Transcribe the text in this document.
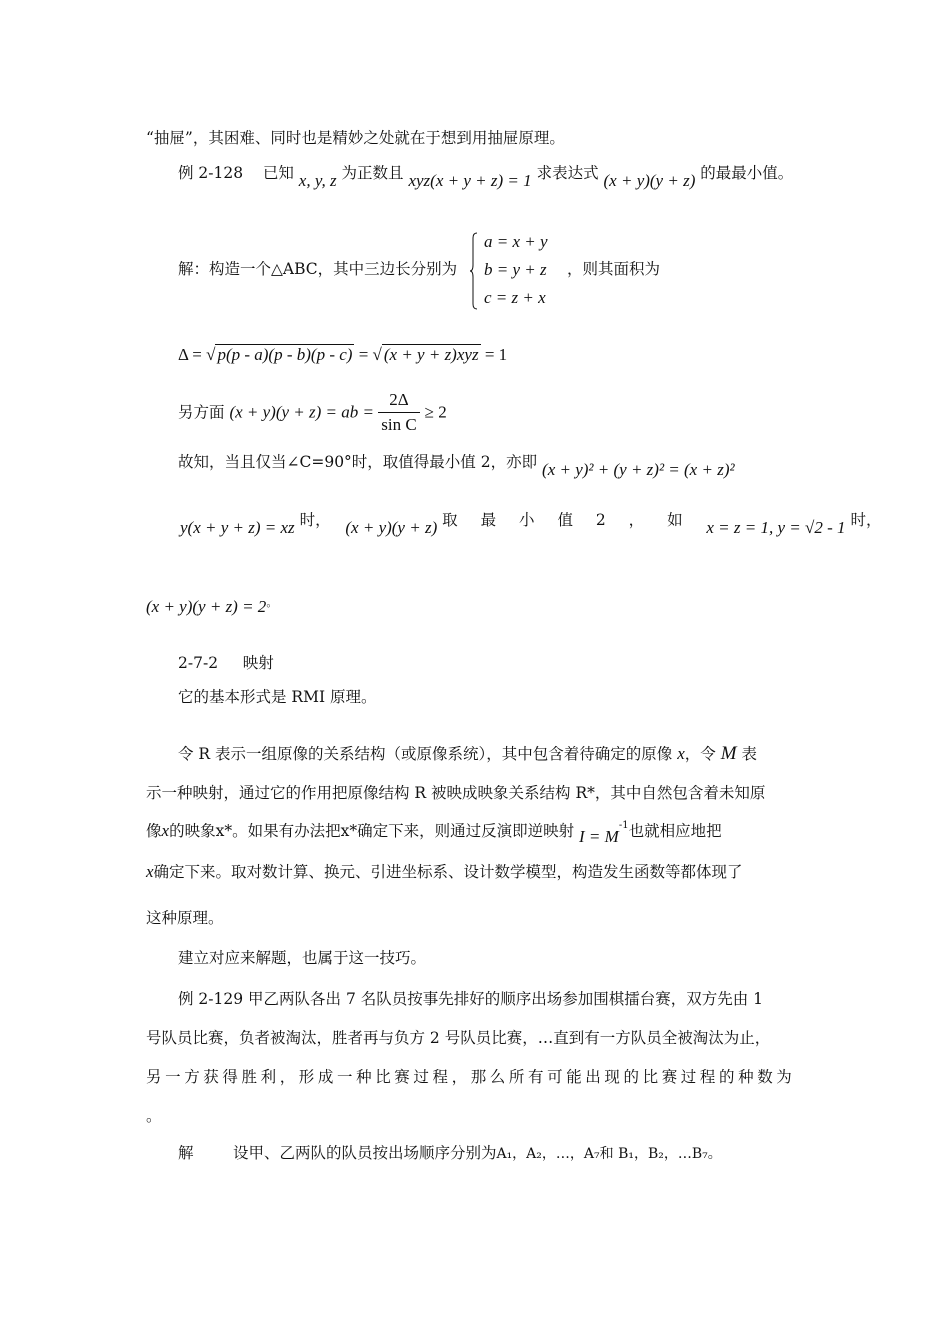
“抽屉”，其困难、同时也是精妙之处就在于想到用抽屉原理。
例 2-128 已知 x, y, z 为正数且 xyz(x + y + z) = 1 求表达式 (x + y)(y + z) 的最最小值。
解：构造一个△ABC，其中三边长分别为
a = x + y
b = y + z
c = z + x
，则其面积为
Δ = √ p(p - a)(p - b)(p - c) = √ (x + y + z)xyz = 1
另方面 (x + y)(y + z) = ab = $\frac{2\Delta}{\text{sin C}} \ge 2$
故知，当且仅当∠C=90°时，取值得最小值 2，亦即 (x + y)² + (y + z)² = (x + z)²
y(x + y + z) = xz 时， (x + y)(y + z) 取 最 小 值 2 ， 如 x = z = 1, y = √2 - 1 时，
(x + y)(y + z) = 2。
2-7-2 映射
它的基本形式是 RMI 原理。
令 R 表示一组原像的关系结构（或原像系统），其中包含着待确定的原像 x，令 M 表
示一种映射，通过它的作用把原像结构 R 被映成映象关系结构 R*，其中自然包含着未知原
像x的映象x*。如果有办法把x*确定下来，则通过反演即逆映射 $I = M^{-1}$也就相应地把
x确定下来。取对数计算、换元、引进坐标系、设计数学模型，构造发生函数等都体现了
这种原理。
建立对应来解题，也属于这一技巧。
例 2-129 甲乙两队各出 7 名队员按事先排好的顺序出场参加围棋擂台赛，双方先由 1
号队员比赛，负者被淘汰，胜者再与负方 2 号队员比赛，…直到有一方队员全被淘汰为止，
另一方获得胜利，形成一种比赛过程，那么所有可能出现的比赛过程的种数为
。
解	设甲、乙两队的队员按出场顺序分别为A₁，A₂，…，A₇和 B₁，B₂，…B₇。
